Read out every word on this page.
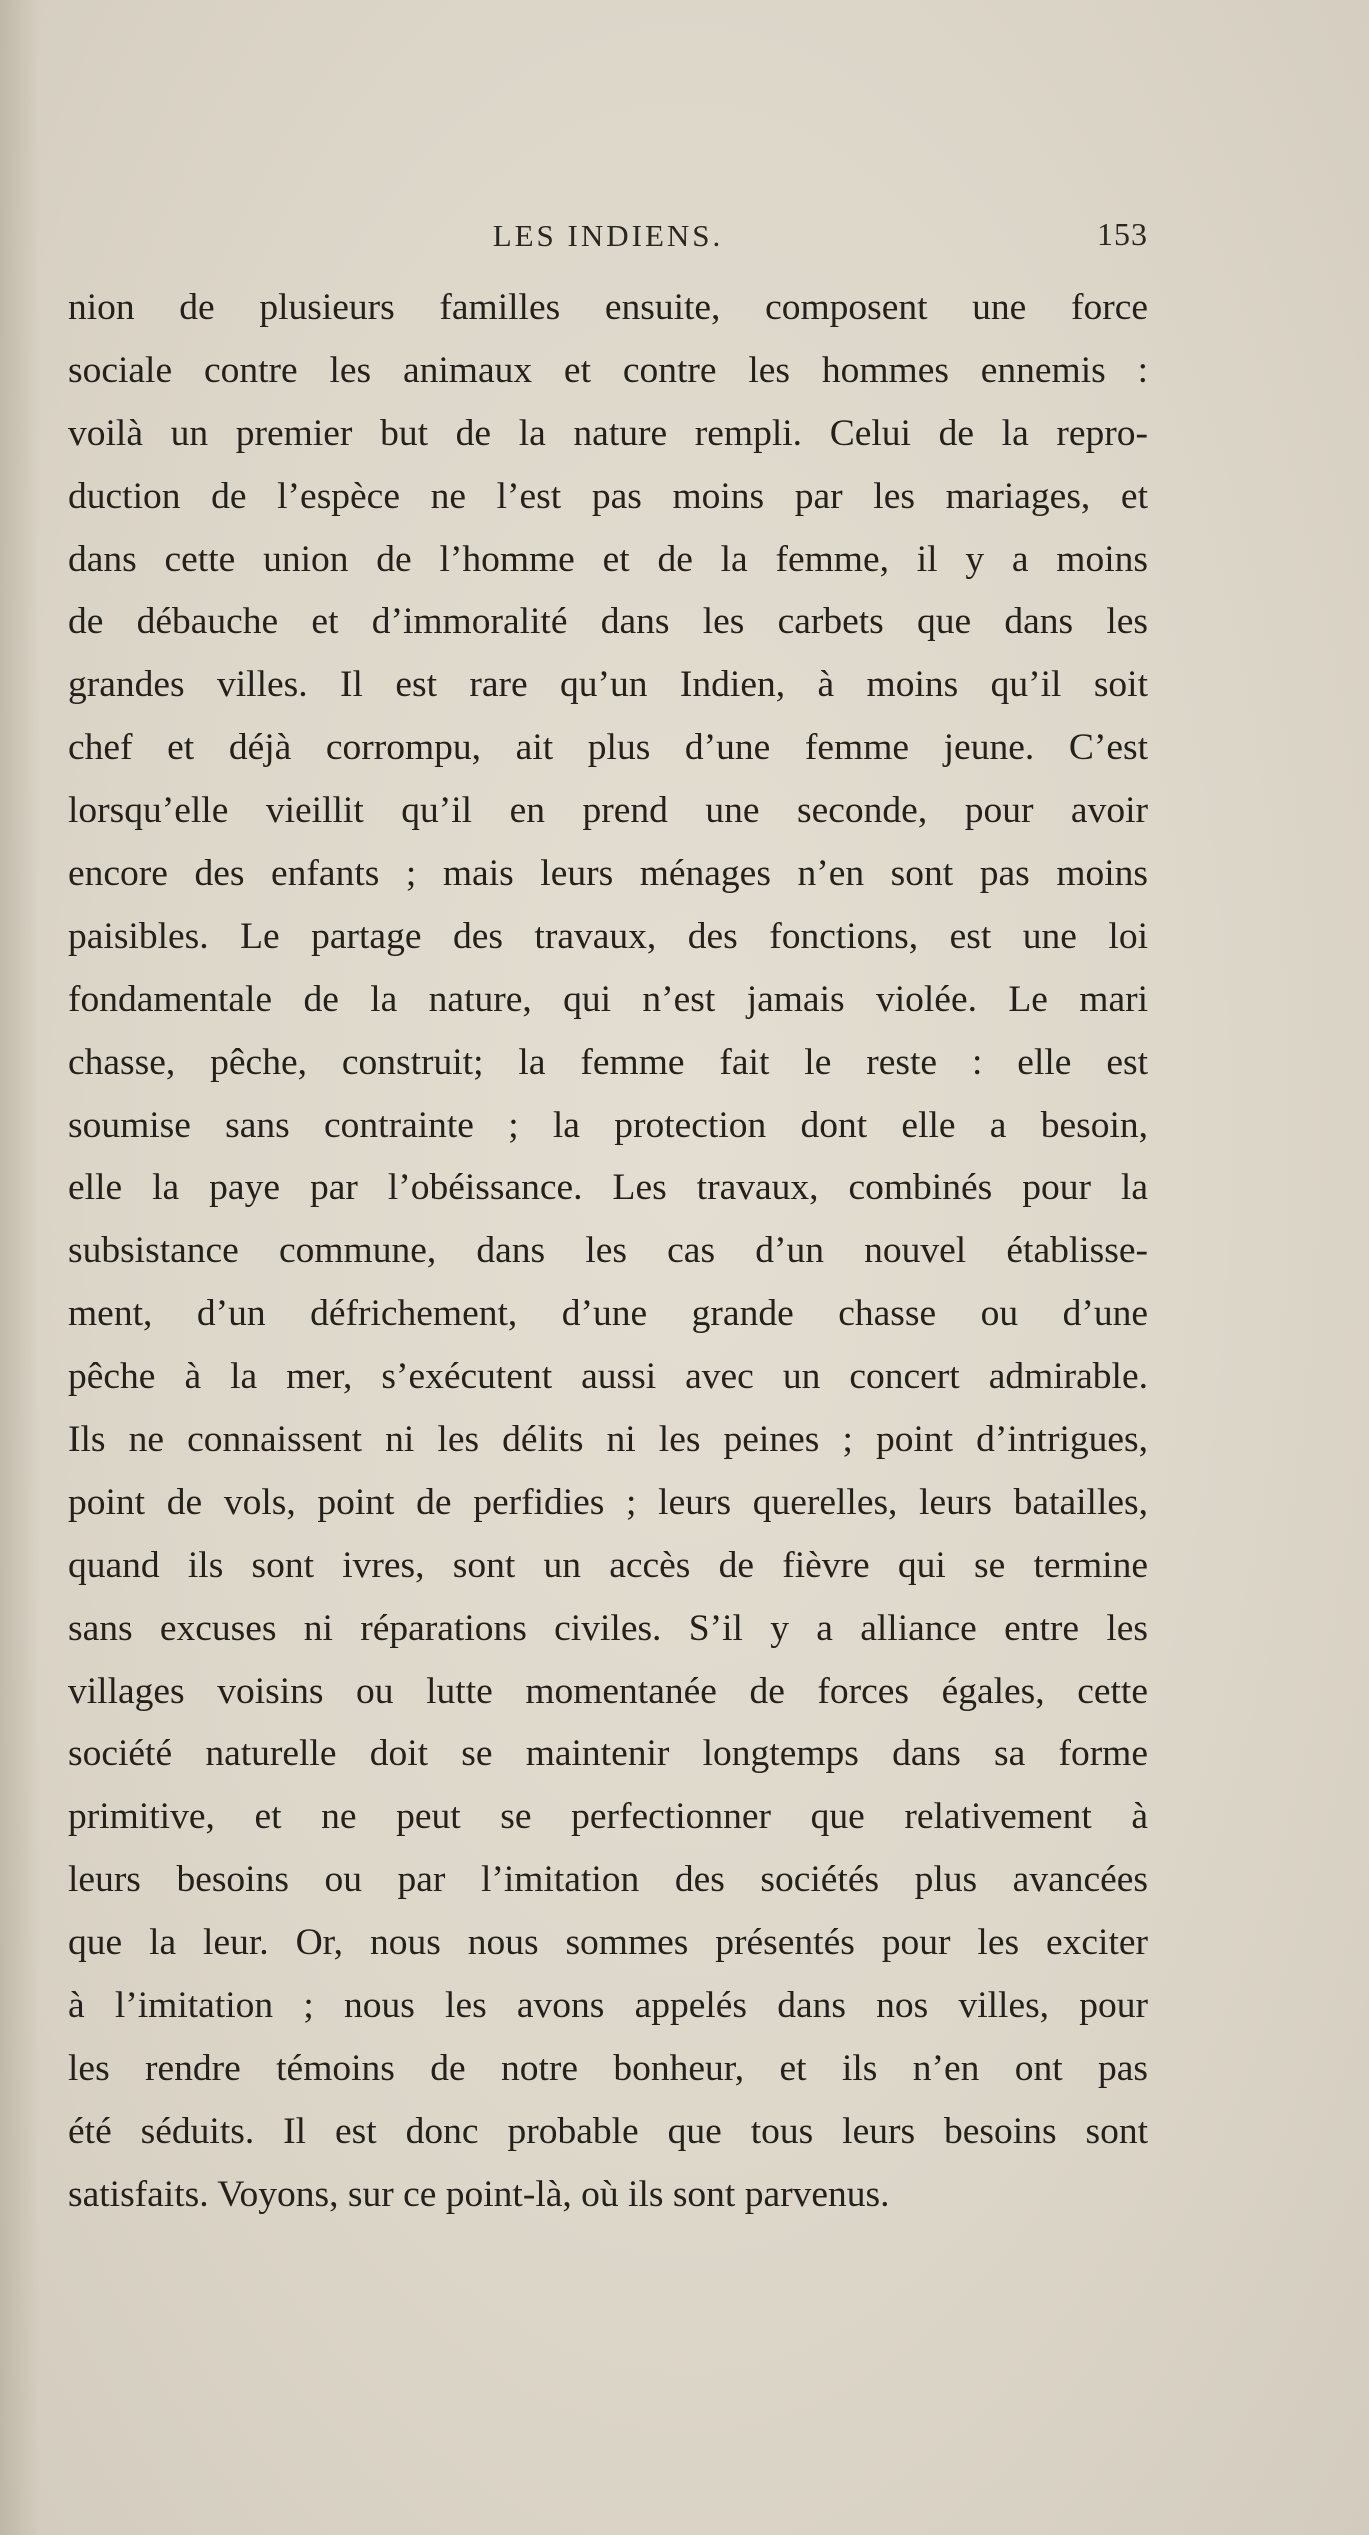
LES INDIENS.	153
nion de plusieurs familles ensuite, composent une force
sociale contre les animaux et contre les hommes ennemis :
voilà un premier but de la nature rempli. Celui de la repro-
duction de l’espèce ne l’est pas moins par les mariages, et
dans cette union de l’homme et de la femme, il y a moins
de débauche et d’immoralité dans les carbets que dans les
grandes villes. Il est rare qu’un Indien, à moins qu’il soit
chef et déjà corrompu, ait plus d’une femme jeune. C’est
lorsqu’elle vieillit qu’il en prend une seconde, pour avoir
encore des enfants ; mais leurs ménages n’en sont pas moins
paisibles. Le partage des travaux, des fonctions, est une loi
fondamentale de la nature, qui n’est jamais violée. Le mari
chasse, pêche, construit; la femme fait le reste : elle est
soumise sans contrainte ; la protection dont elle a besoin,
elle la paye par l’obéissance. Les travaux, combinés pour la
subsistance commune, dans les cas d’un nouvel établisse-
ment, d’un défrichement, d’une grande chasse ou d’une
pêche à la mer, s’exécutent aussi avec un concert admirable.
Ils ne connaissent ni les délits ni les peines ; point d’intrigues,
point de vols, point de perfidies ; leurs querelles, leurs batailles,
quand ils sont ivres, sont un accès de fièvre qui se termine
sans excuses ni réparations civiles. S’il y a alliance entre les
villages voisins ou lutte momentanée de forces égales, cette
société naturelle doit se maintenir longtemps dans sa forme
primitive, et ne peut se perfectionner que relativement à
leurs besoins ou par l’imitation des sociétés plus avancées
que la leur. Or, nous nous sommes présentés pour les exciter
à l’imitation ; nous les avons appelés dans nos villes, pour
les rendre témoins de notre bonheur, et ils n’en ont pas
été séduits. Il est donc probable que tous leurs besoins sont
satisfaits. Voyons, sur ce point-là, où ils sont parvenus.
